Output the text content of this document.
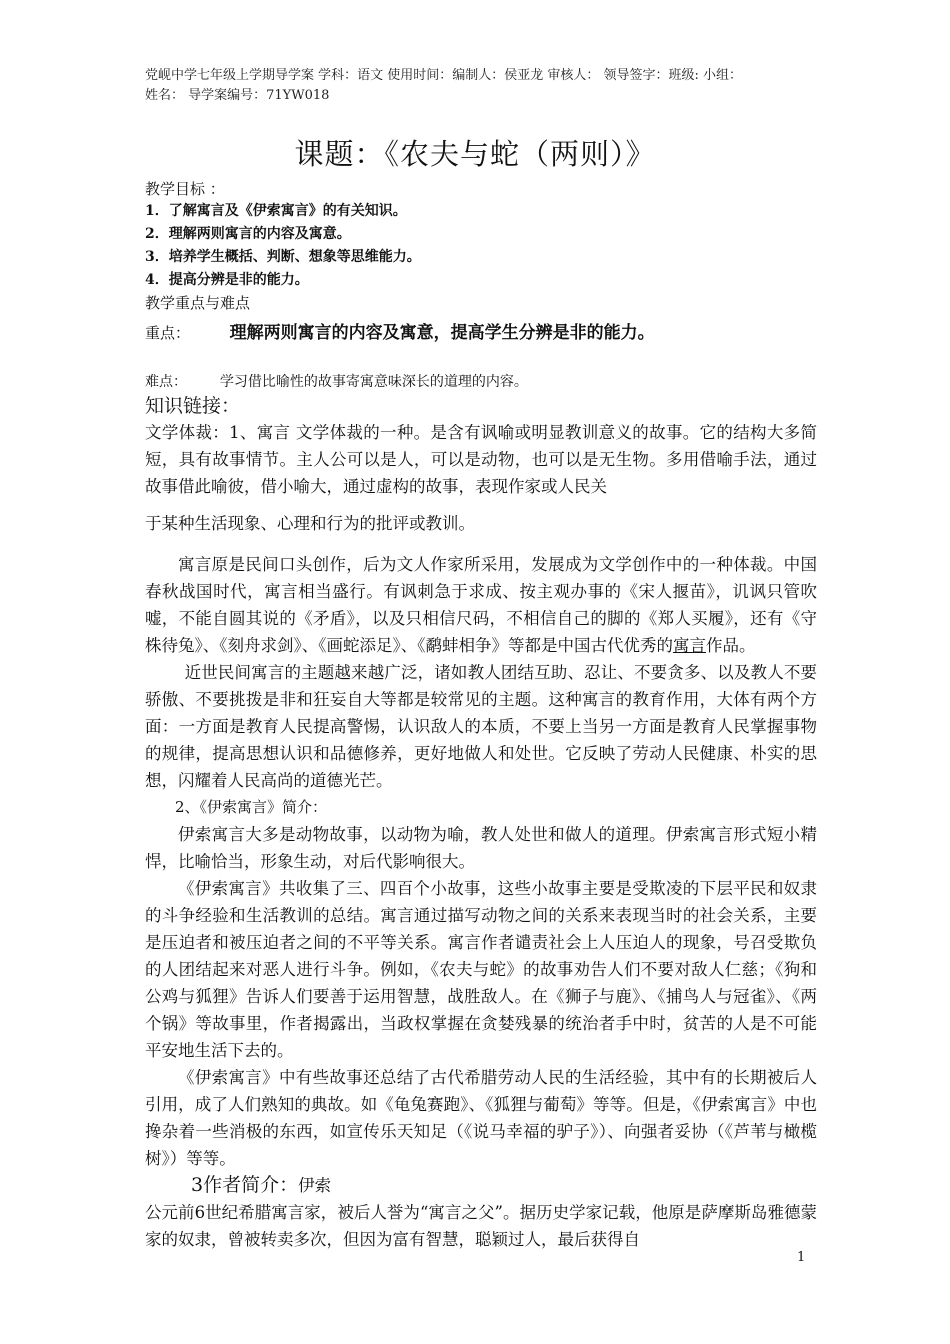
党岘中学七年级上学期导学案 学科：语文 使用时间：编制人：侯亚龙 审核人： 领导签字：班级: 小组：
姓名： 导学案编号：71YW018
课题：《农夫与蛇（两则）》
教学目标 ：
1．了解寓言及《伊索寓言》的有关知识。
2．理解两则寓言的内容及寓意。
3．培养学生概括、判断、想象等思维能力。
4．提高分辨是非的能力。
教学重点与难点
重点： 理解两则寓言的内容及寓意，提高学生分辨是非的能力。
难点： 学习借比喻性的故事寄寓意味深长的道理的内容。
知识链接：

文学体裁：1、寓言 文学体裁的一种。是含有讽喻或明显教训意义的故事。它的结构大多简短，具有故事情节。主人公可以是人，可以是动物，也可以是无生物。多用借喻手法，通过故事借此喻彼，借小喻大，通过虚构的故事，表现作家或人民关

于某种生活现象、心理和行为的批评或教训。

寓言原是民间口头创作，后为文人作家所采用，发展成为文学创作中的一种体裁。中国春秋战国时代，寓言相当盛行。有讽刺急于求成、按主观办事的《宋人揠苗》，讥讽只管吹嘘，不能自圆其说的《矛盾》，以及只相信尺码，不相信自己的脚的《郑人买履》，还有《守株待兔》、《刻舟求剑》、《画蛇添足》、《鹬蚌相争》等都是中国古代优秀的寓言作品。

近世民间寓言的主题越来越广泛，诸如教人团结互助、忍让、不要贪多、以及教人不要骄傲、不要挑拨是非和狂妄自大等都是较常见的主题。这种寓言的教育作用，大体有两个方面：一方面是教育人民提高警惕，认识敌人的本质，不要上当另一方面是教育人民掌握事物的规律，提高思想认识和品德修养，更好地做人和处世。它反映了劳动人民健康、朴实的思想，闪耀着人民高尚的道德光芒。

2、《伊索寓言》简介：

伊索寓言大多是动物故事，以动物为喻，教人处世和做人的道理。伊索寓言形式短小精悍，比喻恰当，形象生动，对后代影响很大。

《伊索寓言》共收集了三、四百个小故事，这些小故事主要是受欺凌的下层平民和奴隶的斗争经验和生活教训的总结。寓言通过描写动物之间的关系来表现当时的社会关系，主要是压迫者和被压迫者之间的不平等关系。寓言作者谴责社会上人压迫人的现象，号召受欺负的人团结起来对恶人进行斗争。例如，《农夫与蛇》的故事劝告人们不要对敌人仁慈；《狗和公鸡与狐狸》告诉人们要善于运用智慧，战胜敌人。在《狮子与鹿》、《捕鸟人与冠雀》、《两个锅》等故事里，作者揭露出，当政权掌握在贪婪残暴的统治者手中时，贫苦的人是不可能平安地生活下去的。

《伊索寓言》中有些故事还总结了古代希腊劳动人民的生活经验，其中有的长期被后人引用，成了人们熟知的典故。如《龟兔赛跑》、《狐狸与葡萄》等等。但是，《伊索寓言》中也搀杂着一些消极的东西，如宣传乐天知足（《说马幸福的驴子》）、向强者妥协（《芦苇与橄榄树》）等等。

3作者简介：伊索

公元前6世纪希腊寓言家，被后人誉为“寓言之父”。据历史学家记载，他原是萨摩斯岛雅德蒙家的奴隶，曾被转卖多次，但因为富有智慧，聪颖过人，最后获得自

1
